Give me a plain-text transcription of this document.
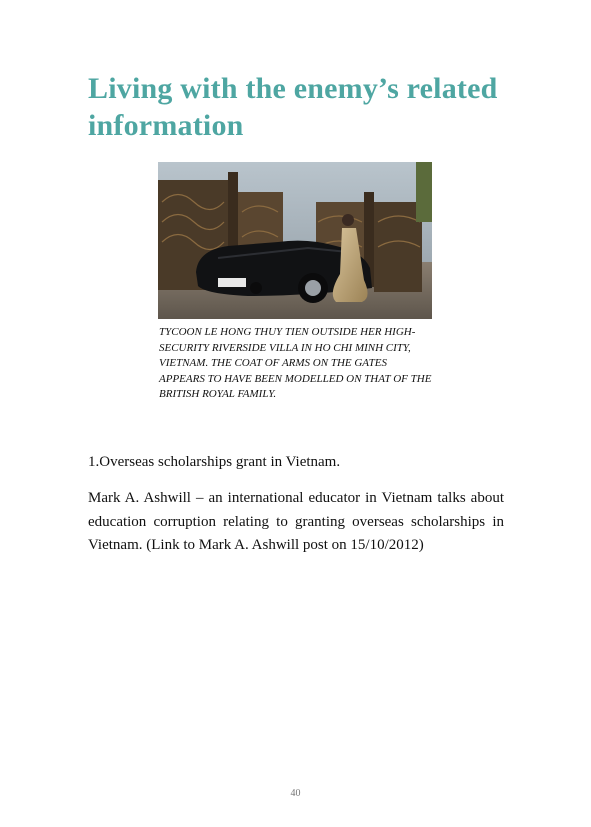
Living with the enemy’s related information

TYCOON LE HONG THUY TIEN OUTSIDE HER HIGH-SECURITY RIVERSIDE VILLA IN HO CHI MINH CITY, VIETNAM. THE COAT OF ARMS ON THE GATES APPEARS TO HAVE BEEN MODELLED ON THAT OF THE BRITISH ROYAL FAMILY.

1.Overseas scholarships grant in Vietnam.

Mark A. Ashwill – an international educator in Vietnam talks about education corruption relating to granting overseas scholarships in Vietnam. (Link to Mark A. Ashwill post on 15/10/2012)

40
